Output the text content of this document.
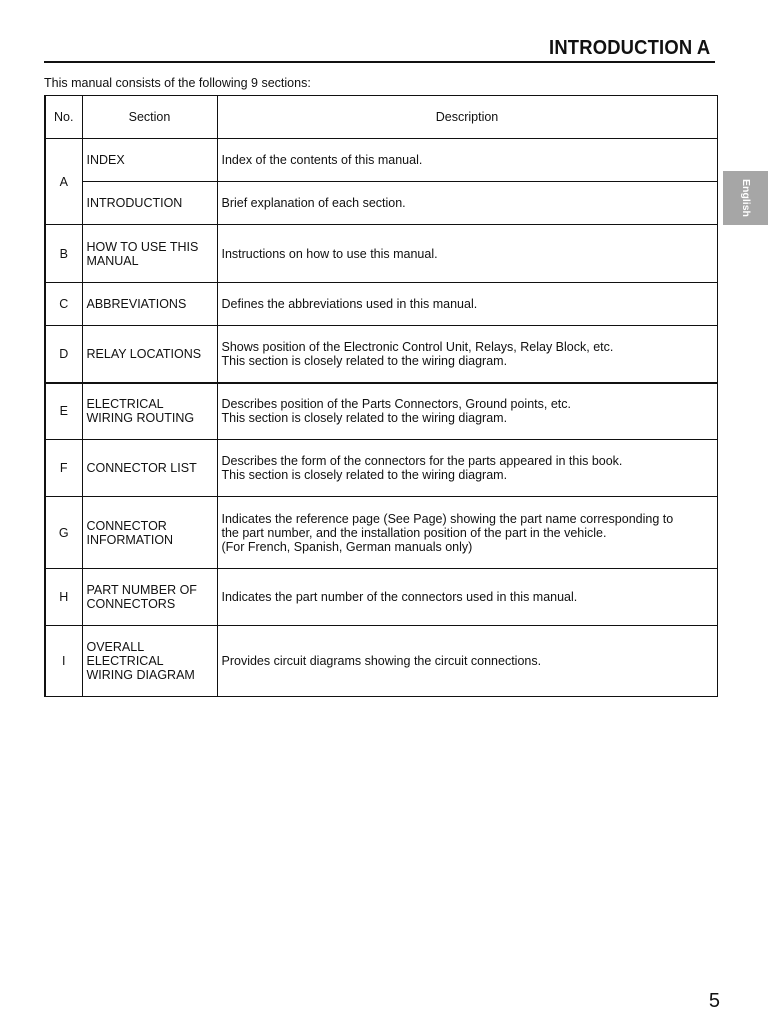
INTRODUCTION A
This manual consists of the following 9 sections:
English
No.	Section	Description
A	INDEX	Index of the contents of this manual.

	INTRODUCTION	Brief explanation of each section.

B	HOW TO USE THIS MANUAL	Instructions on how to use this manual.

C	ABBREVIATIONS	Defines the abbreviations used in this manual.

D	RELAY LOCATIONS	Shows position of the Electronic Control Unit, Relays, Relay Block, etc.
This section is closely related to the wiring diagram.

E	ELECTRICAL WIRING ROUTING	Describes position of the Parts Connectors, Ground points, etc.
This section is closely related to the wiring diagram.

F	CONNECTOR LIST	Describes the form of the connectors for the parts appeared in this book.
This section is closely related to the wiring diagram.

G	CONNECTOR INFORMATION	Indicates the reference page (See Page) showing the part name corresponding to
the part number, and the installation position of the part in the vehicle.
(For French, Spanish, German manuals only)

H	PART NUMBER OF CONNECTORS	Indicates the part number of the connectors used in this manual.

I	OVERALL ELECTRICAL WIRING DIAGRAM	Provides circuit diagrams showing the circuit connections.
5
